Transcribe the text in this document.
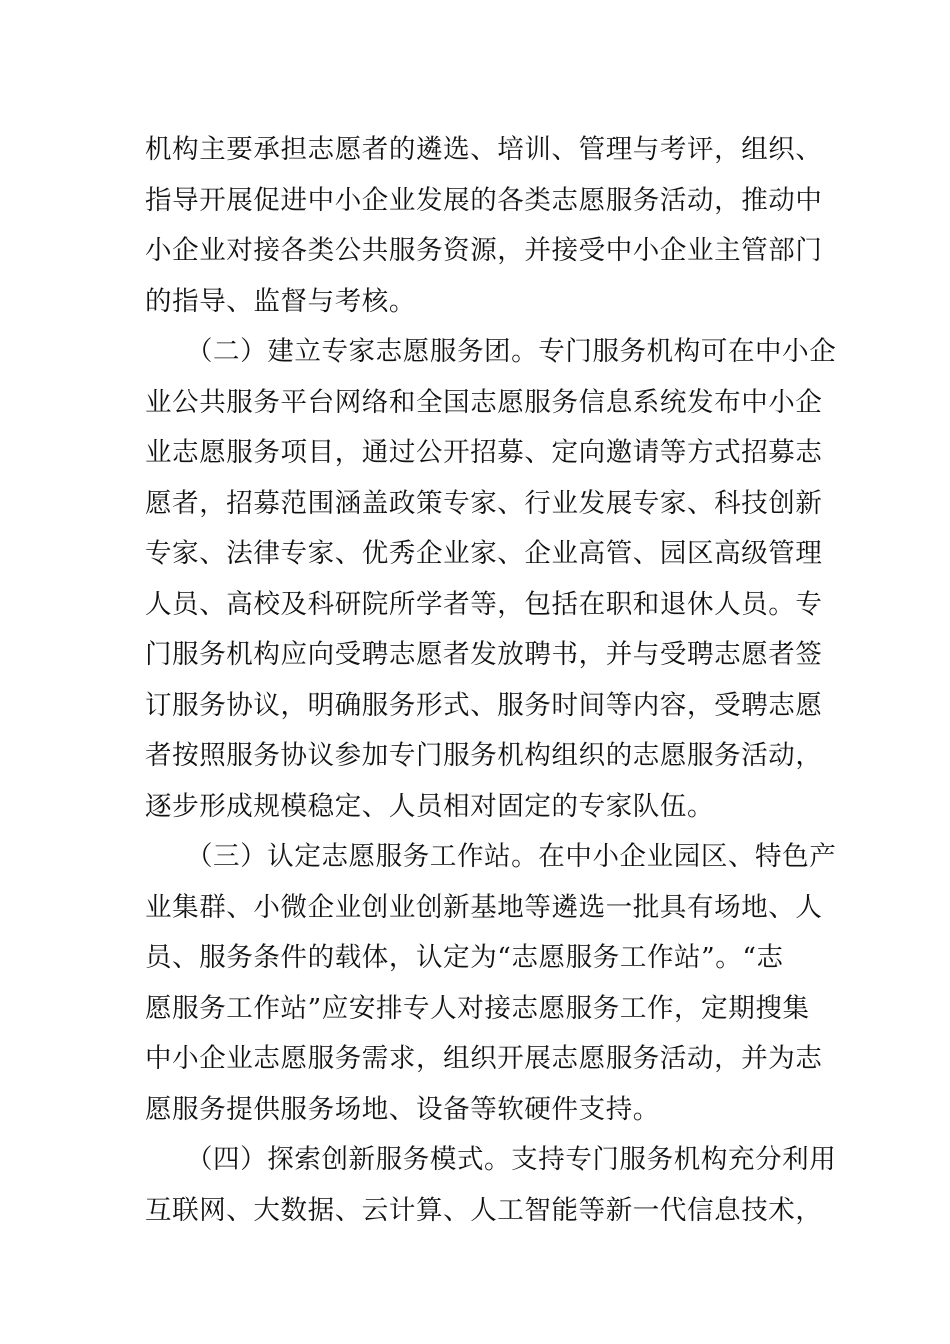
机构主要承担志愿者的遴选、培训、管理与考评，组织、
指导开展促进中小企业发展的各类志愿服务活动，推动中
小企业对接各类公共服务资源，并接受中小企业主管部门
的指导、监督与考核。
　　（二）建立专家志愿服务团。专门服务机构可在中小企
业公共服务平台网络和全国志愿服务信息系统发布中小企
业志愿服务项目，通过公开招募、定向邀请等方式招募志
愿者，招募范围涵盖政策专家、行业发展专家、科技创新
专家、法律专家、优秀企业家、企业高管、园区高级管理
人员、高校及科研院所学者等，包括在职和退休人员。专
门服务机构应向受聘志愿者发放聘书，并与受聘志愿者签
订服务协议，明确服务形式、服务时间等内容，受聘志愿
者按照服务协议参加专门服务机构组织的志愿服务活动，
逐步形成规模稳定、人员相对固定的专家队伍。
　　（三）认定志愿服务工作站。在中小企业园区、特色产
业集群、小微企业创业创新基地等遴选一批具有场地、人
员、服务条件的载体，认定为“志愿服务工作站”。“志
愿服务工作站”应安排专人对接志愿服务工作，定期搜集
中小企业志愿服务需求，组织开展志愿服务活动，并为志
愿服务提供服务场地、设备等软硬件支持。
　　（四）探索创新服务模式。支持专门服务机构充分利用
互联网、大数据、云计算、人工智能等新一代信息技术，
